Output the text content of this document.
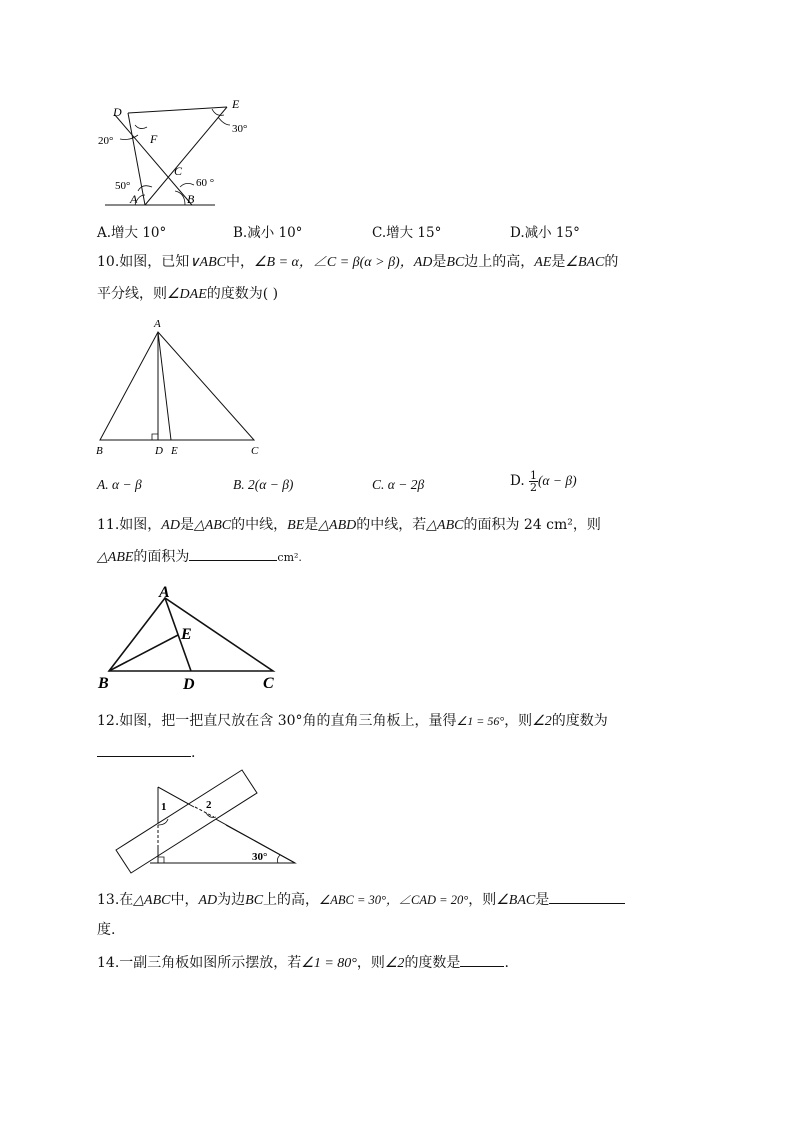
D
E
F
C
A	B
20°
30°
50°	60 °
A.增大 10°	B.减小 10°	C.增大 15°	D.减小 15°
10.如图，已知∨ABC中，∠B = α，∠C = β(α > β)，AD是BC边上的高，AE是∠BAC的
平分线，则∠DAE的度数为( )
A
B	D E	C
A. α − β	B. 2(α − β)	C. α − 2β	D. $\frac{1}{2} (\alpha - \beta)$
11.如图，AD是△ABC的中线，BE是△ABD的中线，若△ABC的面积为 24 cm²，则
△ABE的面积为	cm².
A
E
B	D	C
12.如图，把一把直尺放在含 30°角的直角三角板上，量得∠1 = 56°，则∠2的度数为
.
1	2
30°
13.在△ABC中，AD为边BC上的高，∠ABC = 30°，∠CAD = 20°，则∠BAC是
度.
14.一副三角板如图所示摆放，若∠1 = 80°，则∠2的度数是	.
